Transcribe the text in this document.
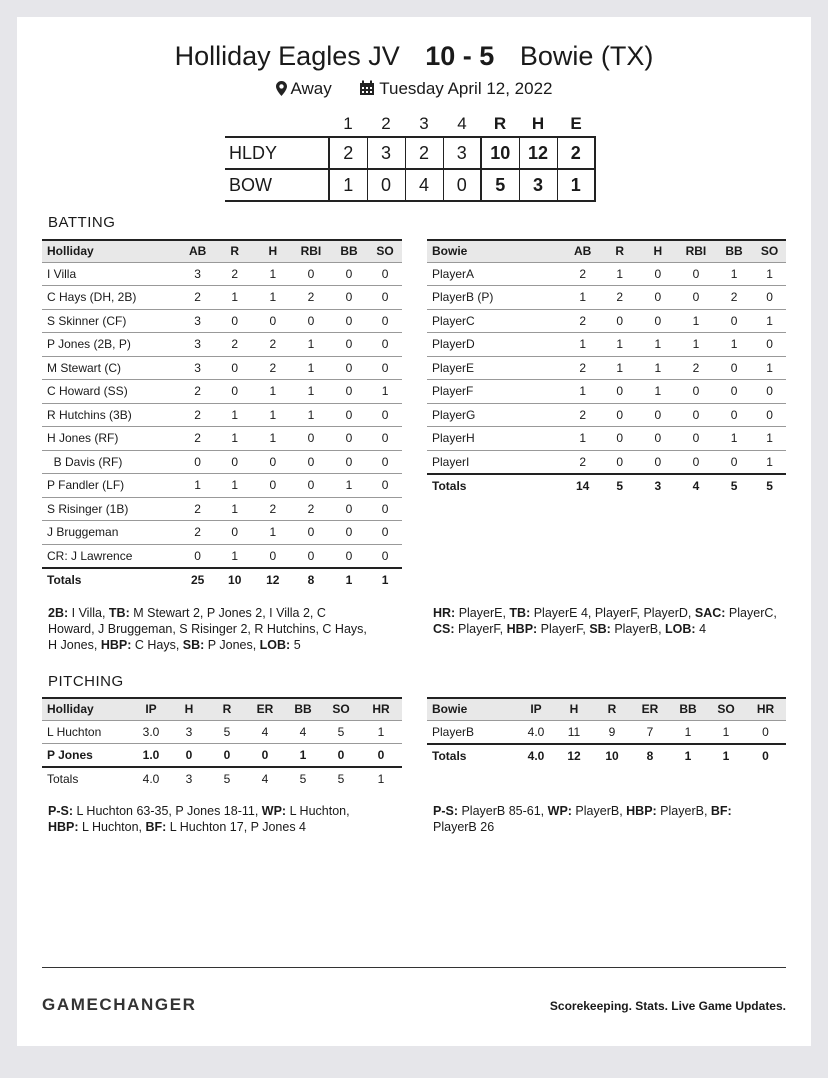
Holliday Eagles JV 10 - 5 Bowie (TX)
Away	Tuesday April 12, 2022
	1	2	3	4	R	H	E
HLDY	2	3	2	3	10	12	2
BOW	1	0	4	0	5	3	1
BATTING
Holliday	AB	R	H	RBI	BB	SO
I Villa	3	2	1	0	0	0
C Hays (DH, 2B)	2	1	1	2	0	0
S Skinner (CF)	3	0	0	0	0	0
P Jones (2B, P)	3	2	2	1	0	0
M Stewart (C)	3	0	2	1	0	0
C Howard (SS)	2	0	1	1	0	1
R Hutchins (3B)	2	1	1	1	0	0
H Jones (RF)	2	1	1	0	0	0
B Davis (RF)	0	0	0	0	0	0
P Fandler (LF)	1	1	0	0	1	0
S Risinger (1B)	2	1	2	2	0	0
J Bruggeman	2	0	1	0	0	0
CR: J Lawrence	0	1	0	0	0	0
Totals	25	10	12	8	1	1
Bowie	AB	R	H	RBI	BB	SO
PlayerA	2	1	0	0	1	1
PlayerB (P)	1	2	0	0	2	0
PlayerC	2	0	0	1	0	1
PlayerD	1	1	1	1	1	0
PlayerE	2	1	1	2	0	1
PlayerF	1	0	1	0	0	0
PlayerG	2	0	0	0	0	0
PlayerH	1	0	0	0	1	1
PlayerI	2	0	0	0	0	1
Totals	14	5	3	4	5	5
2B: I Villa, TB: M Stewart 2, P Jones 2, I Villa 2, C Howard, J Bruggeman, S Risinger 2, R Hutchins, C Hays, H Jones, HBP: C Hays, SB: P Jones, LOB: 5
HR: PlayerE, TB: PlayerE 4, PlayerF, PlayerD, SAC: PlayerC, CS: PlayerF, HBP: PlayerF, SB: PlayerB, LOB: 4
PITCHING
Holliday	IP	H	R	ER	BB	SO	HR
L Huchton	3.0	3	5	4	4	5	1
P Jones	1.0	0	0	0	1	0	0
Totals	4.0	3	5	4	5	5	1
Bowie	IP	H	R	ER	BB	SO	HR
PlayerB	4.0	11	9	7	1	1	0
Totals	4.0	12	10	8	1	1	0
P-S: L Huchton 63-35, P Jones 18-11, WP: L Huchton, HBP: L Huchton, BF: L Huchton 17, P Jones 4
P-S: PlayerB 85-61, WP: PlayerB, HBP: PlayerB, BF: PlayerB 26
GAMECHANGER	Scorekeeping. Stats. Live Game Updates.
